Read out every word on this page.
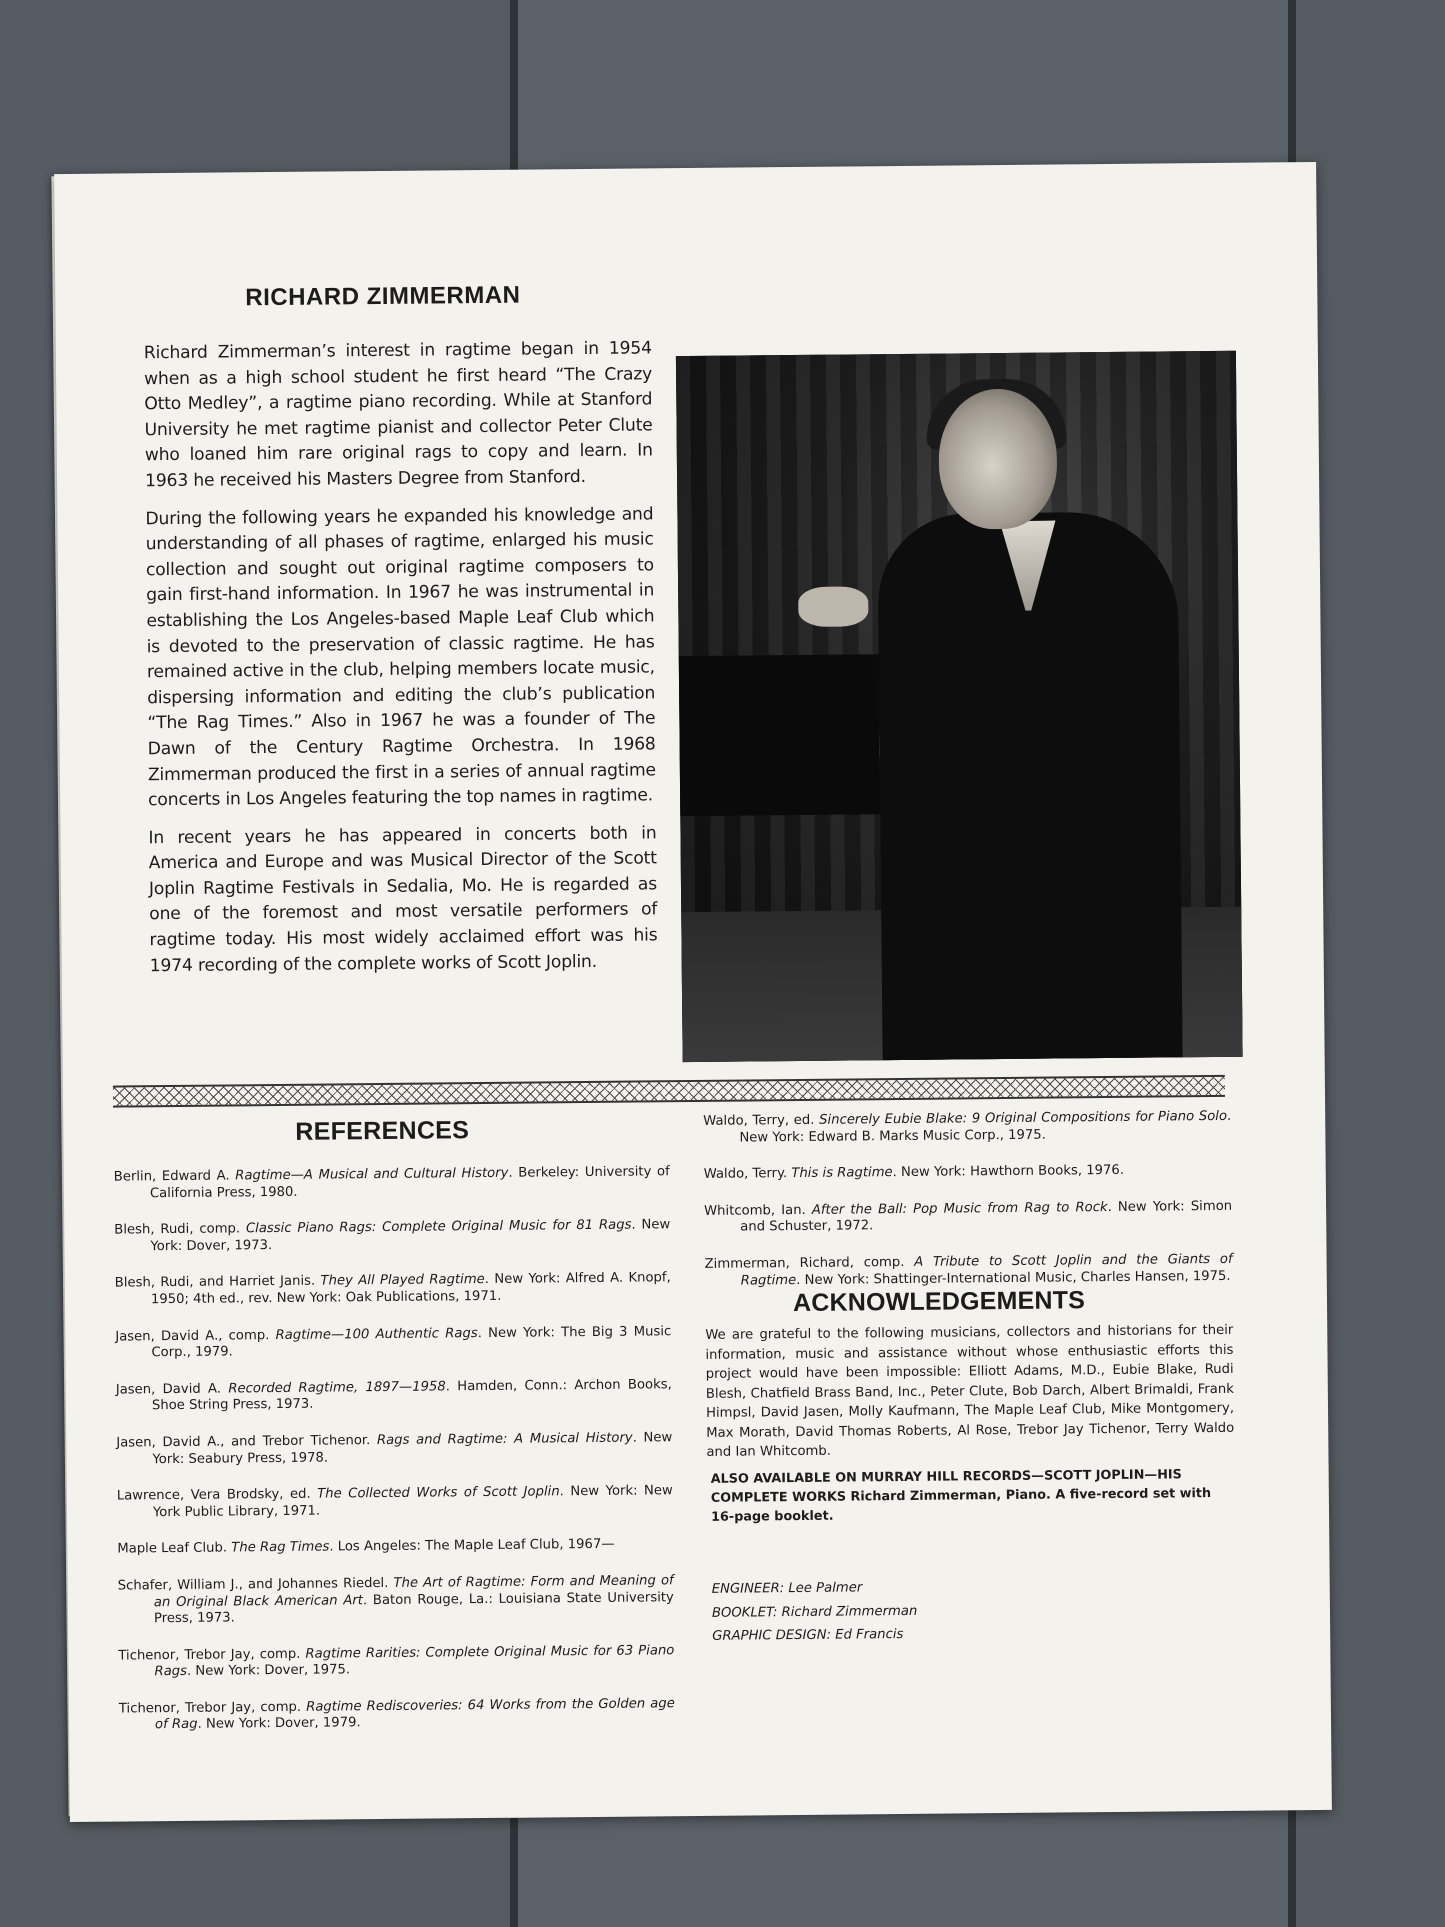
RICHARD ZIMMERMAN

Richard Zimmerman’s interest in ragtime began in 1954 when as a high school student he first heard “The Crazy Otto Medley”, a ragtime piano recording. While at Stanford University he met ragtime pianist and collector Peter Clute who loaned him rare original rags to copy and learn. In 1963 he received his Masters Degree from Stanford.

During the following years he expanded his knowledge and understanding of all phases of ragtime, enlarged his music collection and sought out original ragtime composers to gain first-hand information. In 1967 he was instrumental in establishing the Los Angeles-based Maple Leaf Club which is devoted to the preservation of classic ragtime. He has remained active in the club, helping members locate music, dispersing information and editing the club’s publication “The Rag Times.” Also in 1967 he was a founder of The Dawn of the Century Ragtime Orchestra. In 1968 Zimmerman produced the first in a series of annual ragtime concerts in Los Angeles featuring the top names in ragtime.

In recent years he has appeared in concerts both in America and Europe and was Musical Director of the Scott Joplin Ragtime Festivals in Sedalia, Mo. He is regarded as one of the foremost and most versatile performers of ragtime today. His most widely acclaimed effort was his 1974 recording of the complete works of Scott Joplin.

REFERENCES

Berlin, Edward A. Ragtime—A Musical and Cultural History. Berkeley: University of California Press, 1980.

Blesh, Rudi, comp. Classic Piano Rags: Complete Original Music for 81 Rags. New York: Dover, 1973.

Blesh, Rudi, and Harriet Janis. They All Played Ragtime. New York: Alfred A. Knopf, 1950; 4th ed., rev. New York: Oak Publications, 1971.

Jasen, David A., comp. Ragtime—100 Authentic Rags. New York: The Big 3 Music Corp., 1979.

Jasen, David A. Recorded Ragtime, 1897—1958. Hamden, Conn.: Archon Books, Shoe String Press, 1973.

Jasen, David A., and Trebor Tichenor. Rags and Ragtime: A Musical History. New York: Seabury Press, 1978.

Lawrence, Vera Brodsky, ed. The Collected Works of Scott Joplin. New York: New York Public Library, 1971.

Maple Leaf Club. The Rag Times. Los Angeles: The Maple Leaf Club, 1967—

Schafer, William J., and Johannes Riedel. The Art of Ragtime: Form and Meaning of an Original Black American Art. Baton Rouge, La.: Louisiana State University Press, 1973.

Tichenor, Trebor Jay, comp. Ragtime Rarities: Complete Original Music for 63 Piano Rags. New York: Dover, 1975.

Tichenor, Trebor Jay, comp. Ragtime Rediscoveries: 64 Works from the Golden age of Rag. New York: Dover, 1979.

Waldo, Terry, ed. Sincerely Eubie Blake: 9 Original Compositions for Piano Solo. New York: Edward B. Marks Music Corp., 1975.

Waldo, Terry. This is Ragtime. New York: Hawthorn Books, 1976.

Whitcomb, Ian. After the Ball: Pop Music from Rag to Rock. New York: Simon and Schuster, 1972.

Zimmerman, Richard, comp. A Tribute to Scott Joplin and the Giants of Ragtime. New York: Shattinger-International Music, Charles Hansen, 1975.

ACKNOWLEDGEMENTS
We are grateful to the following musicians, collectors and historians for their information, music and assistance without whose enthusiastic efforts this project would have been impossible: Elliott Adams, M.D., Eubie Blake, Rudi Blesh, Chatfield Brass Band, Inc., Peter Clute, Bob Darch, Albert Brimaldi, Frank Himpsl, David Jasen, Molly Kaufmann, The Maple Leaf Club, Mike Montgomery, Max Morath, David Thomas Roberts, Al Rose, Trebor Jay Tichenor, Terry Waldo and Ian Whitcomb.
ALSO AVAILABLE ON MURRAY HILL RECORDS—SCOTT JOPLIN—HIS COMPLETE WORKS Richard Zimmerman, Piano. A five-record set with 16-page booklet.
ENGINEER: Lee Palmer
BOOKLET: Richard Zimmerman
GRAPHIC DESIGN: Ed Francis
